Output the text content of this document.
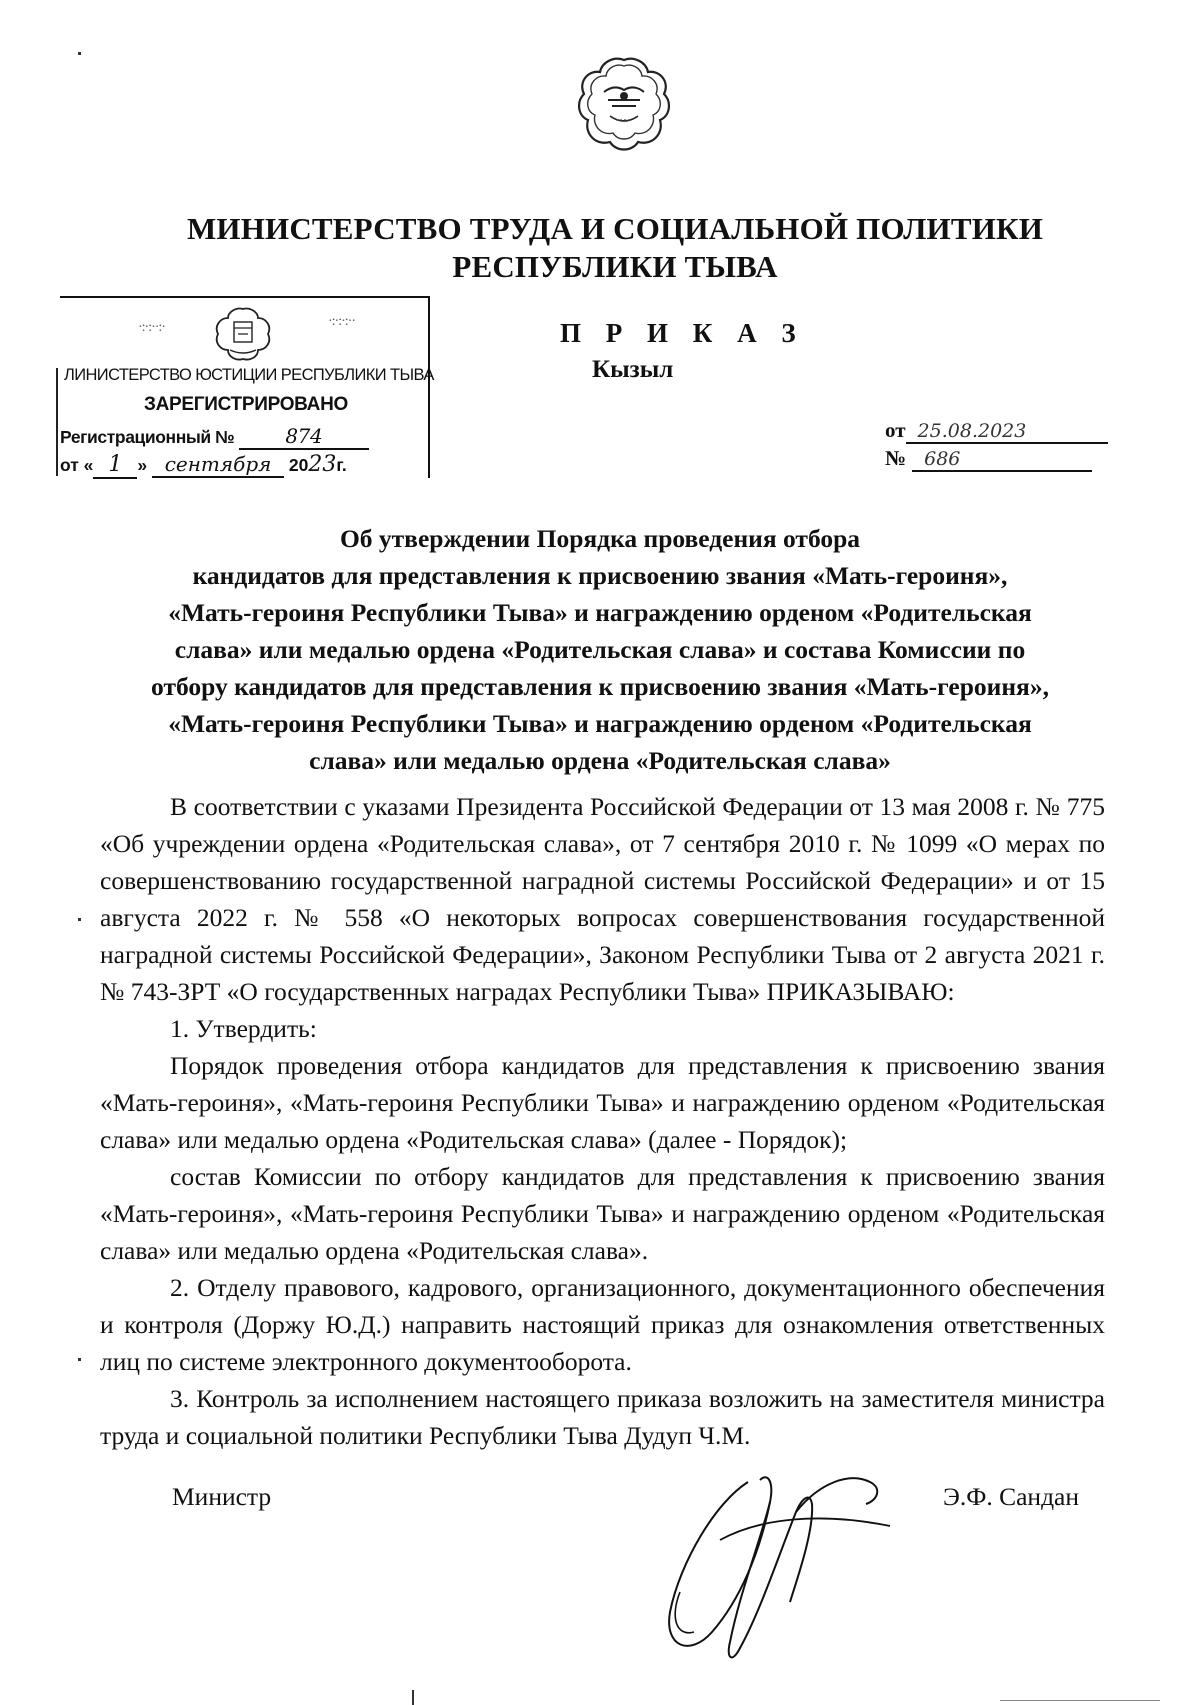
МИНИСТЕРСТВО ТРУДА И СОЦИАЛЬНОЙ ПОЛИТИКИ
РЕСПУБЛИКИ ТЫВА
·:·:··:·	·:·:·:··
ЛИНИСТЕРСТВО ЮСТИЦИИ РЕСПУБЛИКИ ТЫВА
ЗАРЕГИСТРИРОВАНО
Регистрационный №	874
от « 1 » сентября 2023г.
П Р И К А З
Кызыл
от 25.08.2023
№ 686
Об утверждении Порядка проведения отбора
кандидатов для представления к присвоению звания «Мать-героиня»,
«Мать-героиня Республики Тыва» и награждению орденом «Родительская
слава» или медалью ордена «Родительская слава» и состава Комиссии по
отбору кандидатов для представления к присвоению звания «Мать-героиня»,
«Мать-героиня Республики Тыва» и награждению орденом «Родительская
слава» или медалью ордена «Родительская слава»

В соответствии с указами Президента Российской Федерации от 13 мая 2008 г. № 775 «Об учреждении ордена «Родительская слава», от 7 сентября 2010 г. № 1099 «О мерах по совершенствованию государственной наградной системы Российской Федерации» и от 15 августа 2022 г. № 558 «О некоторых вопросах совершенствования государственной наградной системы Российской Федерации», Законом Республики Тыва от 2 августа 2021 г. № 743-ЗРТ «О государственных наградах Республики Тыва» ПРИКАЗЫВАЮ:

1. Утвердить:

Порядок проведения отбора кандидатов для представления к присвоению звания «Мать-героиня», «Мать-героиня Республики Тыва» и награждению орденом «Родительская слава» или медалью ордена «Родительская слава» (далее - Порядок);

состав Комиссии по отбору кандидатов для представления к присвоению звания «Мать-героиня», «Мать-героиня Республики Тыва» и награждению орденом «Родительская слава» или медалью ордена «Родительская слава».

2. Отделу правового, кадрового, организационного, документационного обеспечения и контроля (Доржу Ю.Д.) направить настоящий приказ для ознакомления ответственных лиц по системе электронного документооборота.

3. Контроль за исполнением настоящего приказа возложить на заместителя министра труда и социальной политики Республики Тыва Дудуп Ч.М.

Министр	Э.Ф. Сандан
